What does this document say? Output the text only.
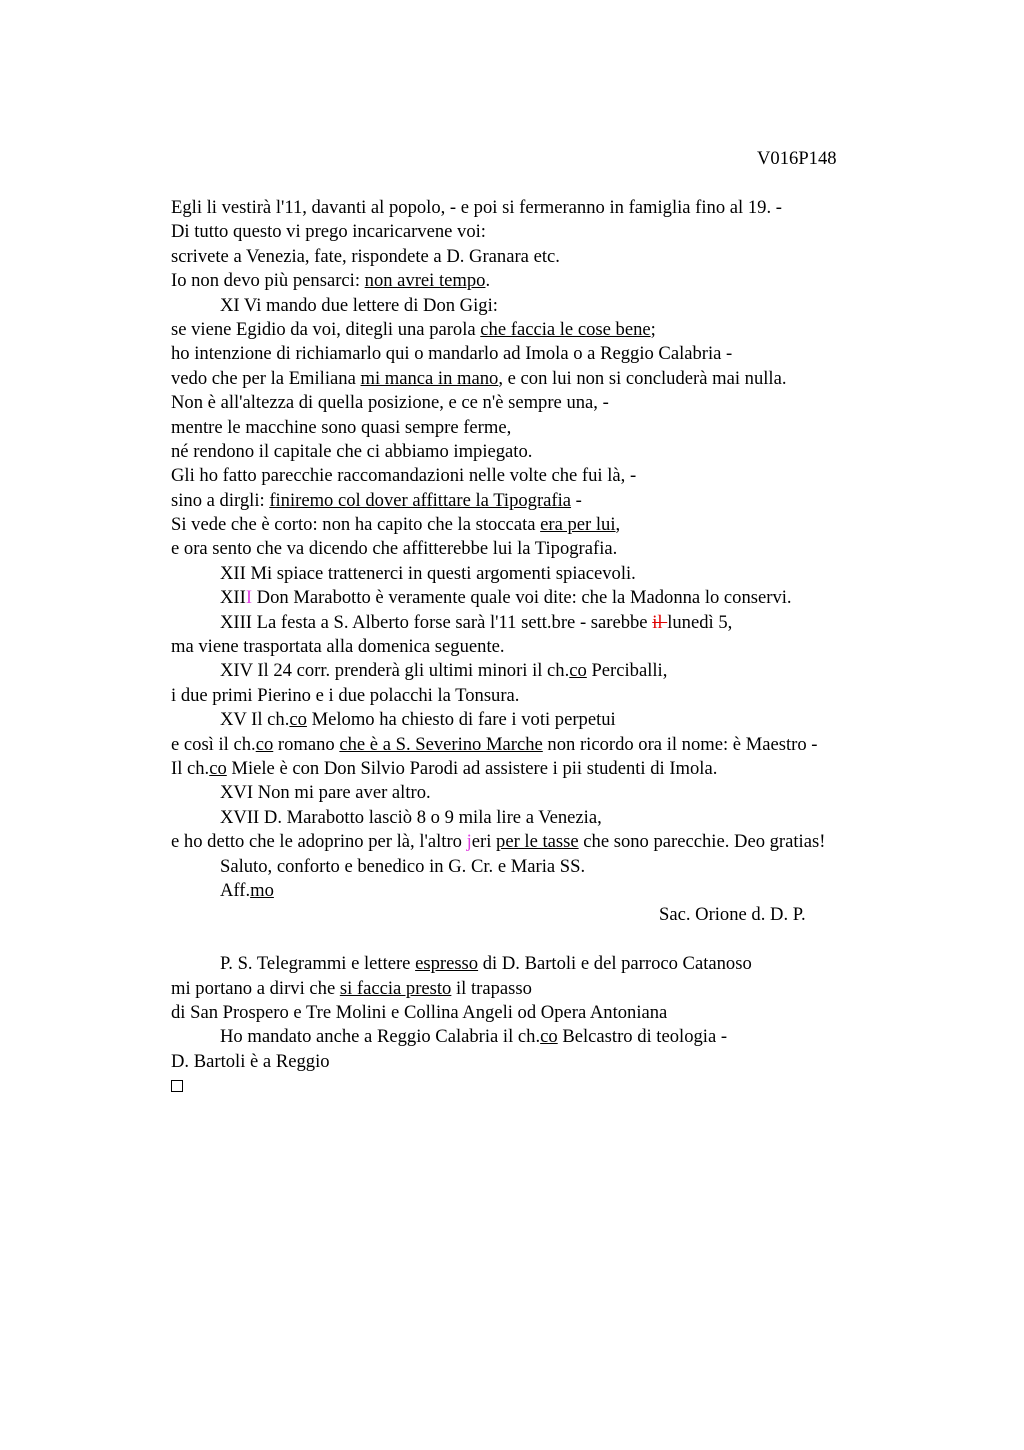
V016P148
Egli li vestirà l'11, davanti al popolo, - e poi si fermeranno in famiglia fino al 19. -
Di tutto questo vi prego incaricarvene voi:
scrivete a Venezia, fate, rispondete a D. Granara etc.
Io non devo più pensarci: non avrei tempo.
XI Vi mando due lettere di Don Gigi:
se viene Egidio da voi, ditegli una parola che faccia le cose bene;
ho intenzione di richiamarlo qui o mandarlo ad Imola o a Reggio Calabria -
vedo che per la Emiliana mi manca in mano, e con lui non si concluderà mai nulla.
Non è all'altezza di quella posizione, e ce n'è sempre una, -
mentre le macchine sono quasi sempre ferme,
né rendono il capitale che ci abbiamo impiegato.
Gli ho fatto parecchie raccomandazioni nelle volte che fui là, -
sino a dirgli: finiremo col dover affittare la Tipografia -
Si vede che è corto: non ha capito che la stoccata era per lui,
e ora sento che va dicendo che affitterebbe lui la Tipografia.
XII Mi spiace trattenerci in questi argomenti spiacevoli.
XIII Don Marabotto è veramente quale voi dite: che la Madonna lo conservi.
XIII La festa a S. Alberto forse sarà l'11 sett.bre - sarebbe il lunedì 5,
ma viene trasportata alla domenica seguente.
XIV Il 24 corr. prenderà gli ultimi minori il ch.co Perciballi,
i due primi Pierino e i due polacchi la Tonsura.
XV Il ch.co Melomo ha chiesto di fare i voti perpetui
e così il ch.co romano che è a S. Severino Marche non ricordo ora il nome: è Maestro -
Il ch.co Miele è con Don Silvio Parodi ad assistere i pii studenti di Imola.
XVI Non mi pare aver altro.
XVII D. Marabotto lasciò 8 o 9 mila lire a Venezia,
e ho detto che le adoprino per là, l'altro jeri per le tasse che sono parecchie. Deo gratias!
Saluto, conforto e benedico in G. Cr. e Maria SS.
Aff.mo
Sac. Orione d. D. P.
P. S. Telegrammi e lettere espresso di D. Bartoli e del parroco Catanoso
mi portano a dirvi che si faccia presto il trapasso
di San Prospero e Tre Molini e Collina Angeli od Opera Antoniana
Ho mandato anche a Reggio Calabria il ch.co Belcastro di teologia -
D. Bartoli è a Reggio
